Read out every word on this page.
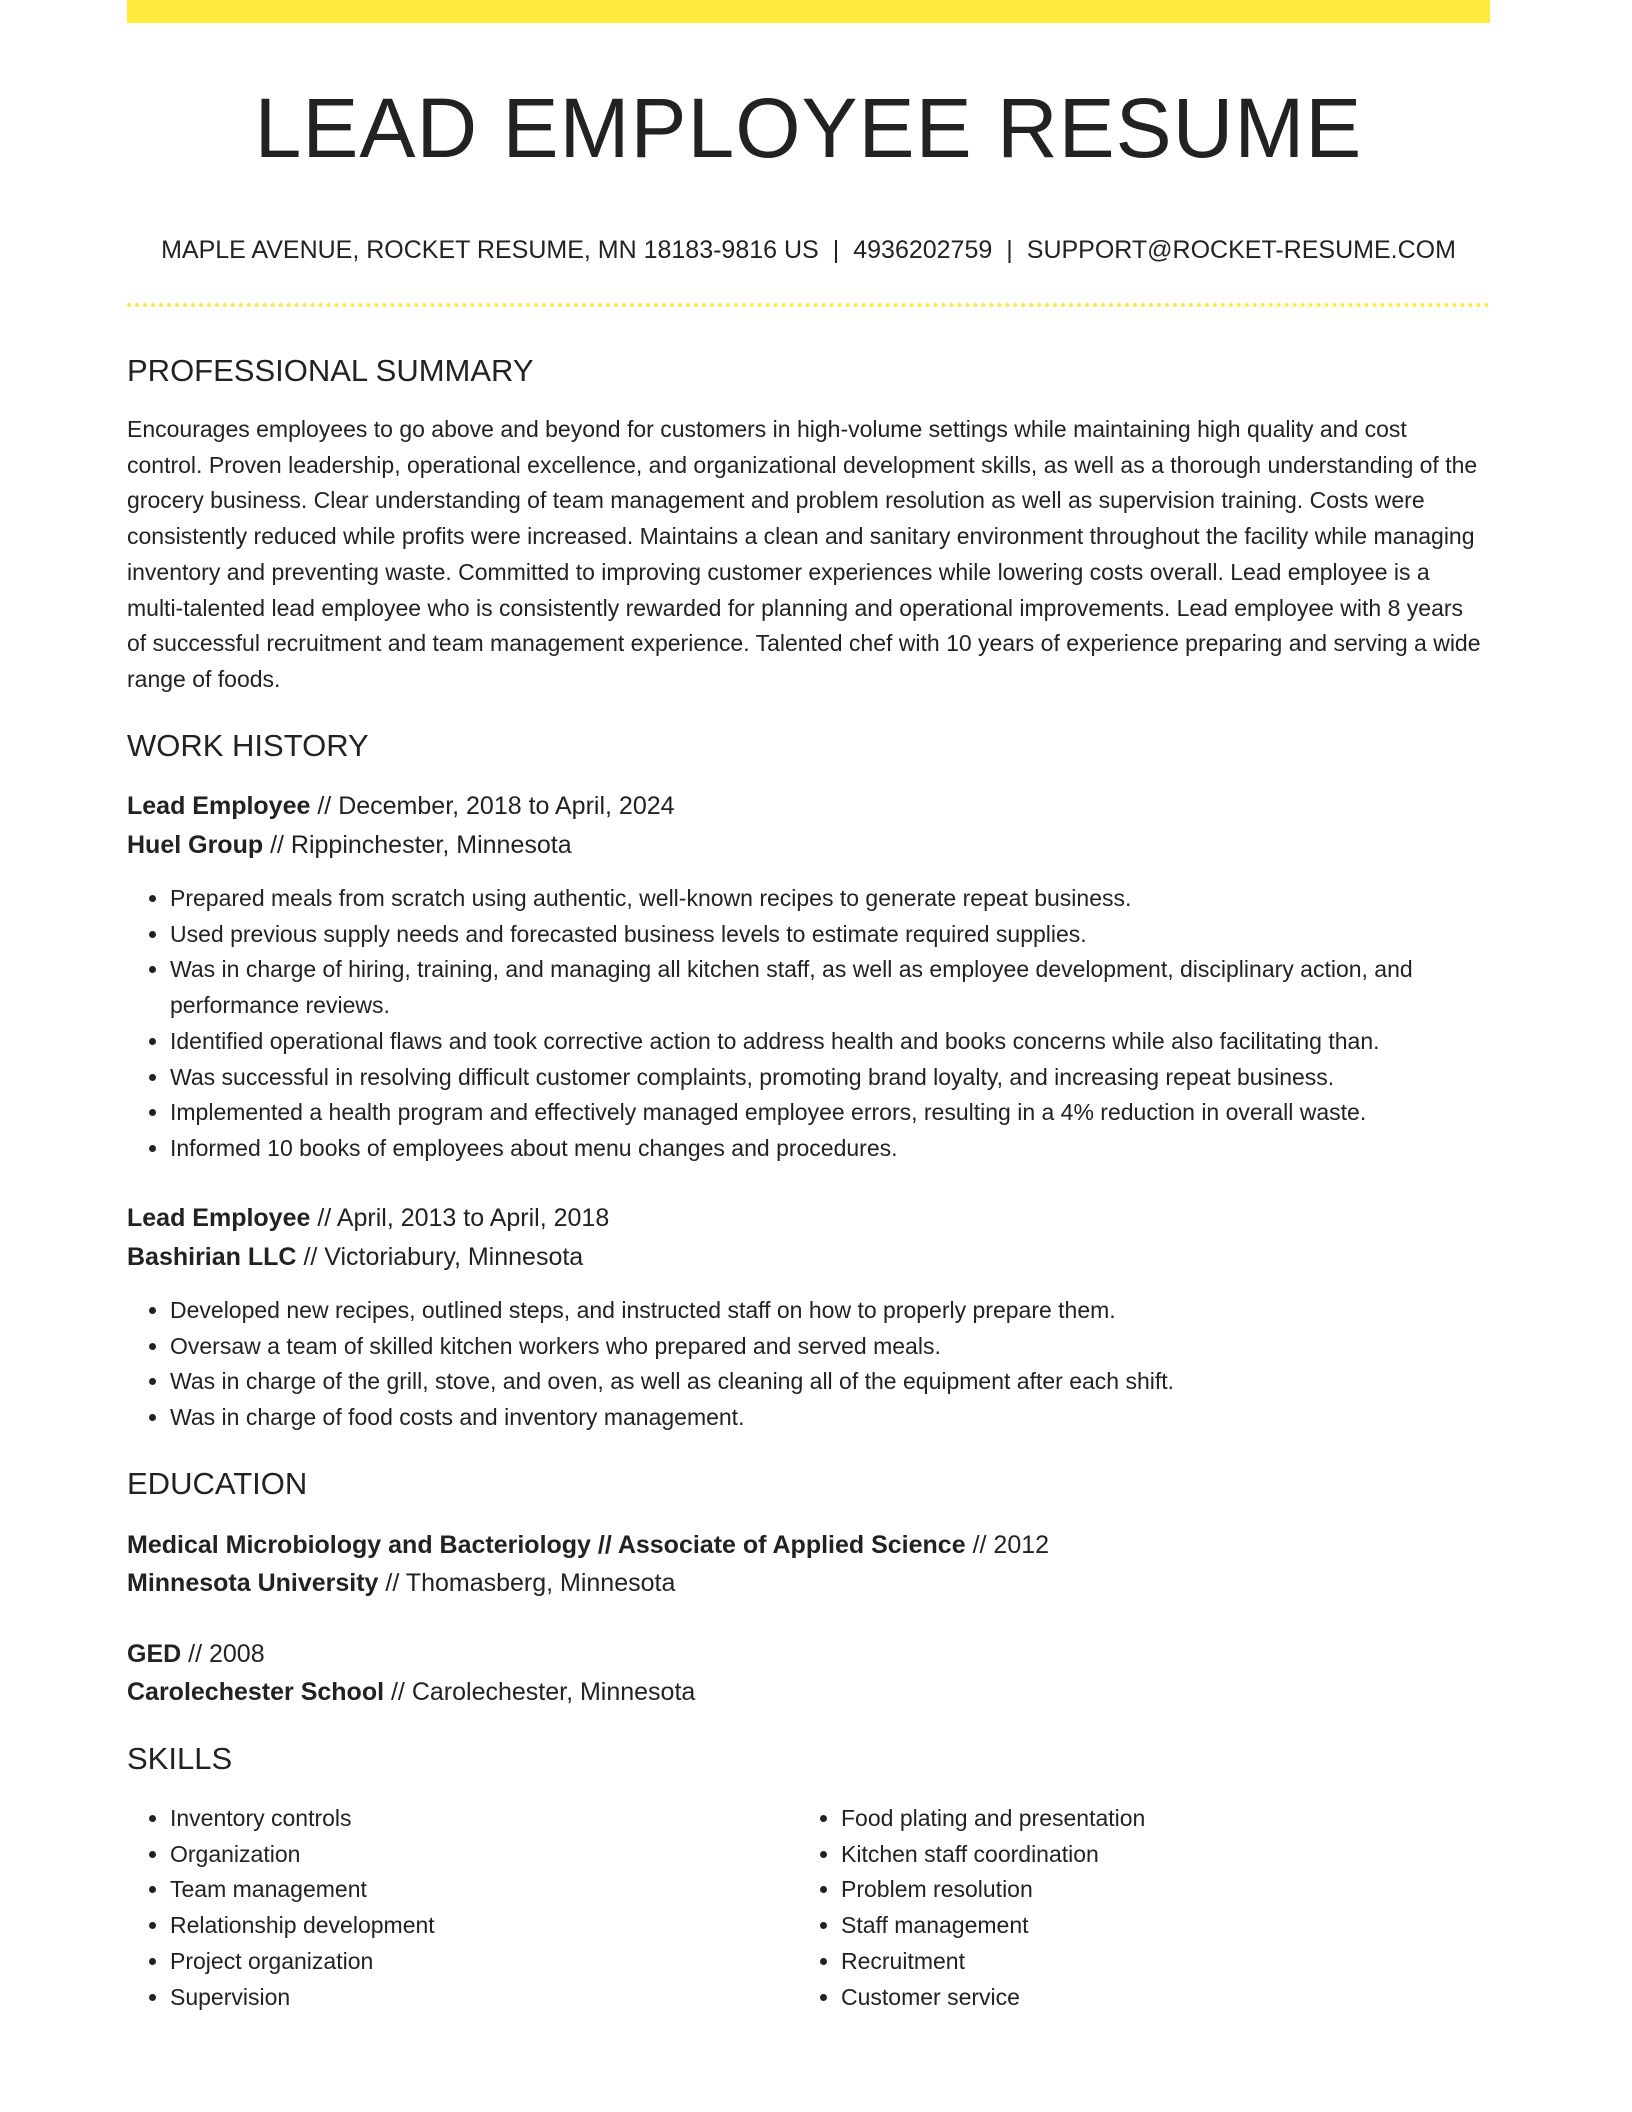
LEAD EMPLOYEE RESUME
MAPLE AVENUE, ROCKET RESUME, MN 18183-9816 US | 4936202759 | SUPPORT@ROCKET-RESUME.COM
PROFESSIONAL SUMMARY

Encourages employees to go above and beyond for customers in high-volume settings while maintaining high quality and cost control. Proven leadership, operational excellence, and organizational development skills, as well as a thorough understanding of the grocery business. Clear understanding of team management and problem resolution as well as supervision training. Costs were consistently reduced while profits were increased. Maintains a clean and sanitary environment throughout the facility while managing inventory and preventing waste. Committed to improving customer experiences while lowering costs overall. Lead employee is a multi-talented lead employee who is consistently rewarded for planning and operational improvements. Lead employee with 8 years of successful recruitment and team management experience. Talented chef with 10 years of experience preparing and serving a wide range of foods.

WORK HISTORY
Lead Employee // December, 2018 to April, 2024
Huel Group // Rippinchester, Minnesota
• Prepared meals from scratch using authentic, well-known recipes to generate repeat business.
• Used previous supply needs and forecasted business levels to estimate required supplies.
• Was in charge of hiring, training, and managing all kitchen staff, as well as employee development, disciplinary action, and performance reviews.
• Identified operational flaws and took corrective action to address health and books concerns while also facilitating than.
• Was successful in resolving difficult customer complaints, promoting brand loyalty, and increasing repeat business.
• Implemented a health program and effectively managed employee errors, resulting in a 4% reduction in overall waste.
• Informed 10 books of employees about menu changes and procedures.
Lead Employee // April, 2013 to April, 2018
Bashirian LLC // Victoriabury, Minnesota
• Developed new recipes, outlined steps, and instructed staff on how to properly prepare them.
• Oversaw a team of skilled kitchen workers who prepared and served meals.
• Was in charge of the grill, stove, and oven, as well as cleaning all of the equipment after each shift.
• Was in charge of food costs and inventory management.
EDUCATION
Medical Microbiology and Bacteriology // Associate of Applied Science // 2012
Minnesota University // Thomasberg, Minnesota
GED // 2008
Carolechester School // Carolechester, Minnesota
SKILLS
• Inventory controls
• Organization
• Team management
• Relationship development
• Project organization
• Supervision
• Food plating and presentation
• Kitchen staff coordination
• Problem resolution
• Staff management
• Recruitment
• Customer service
